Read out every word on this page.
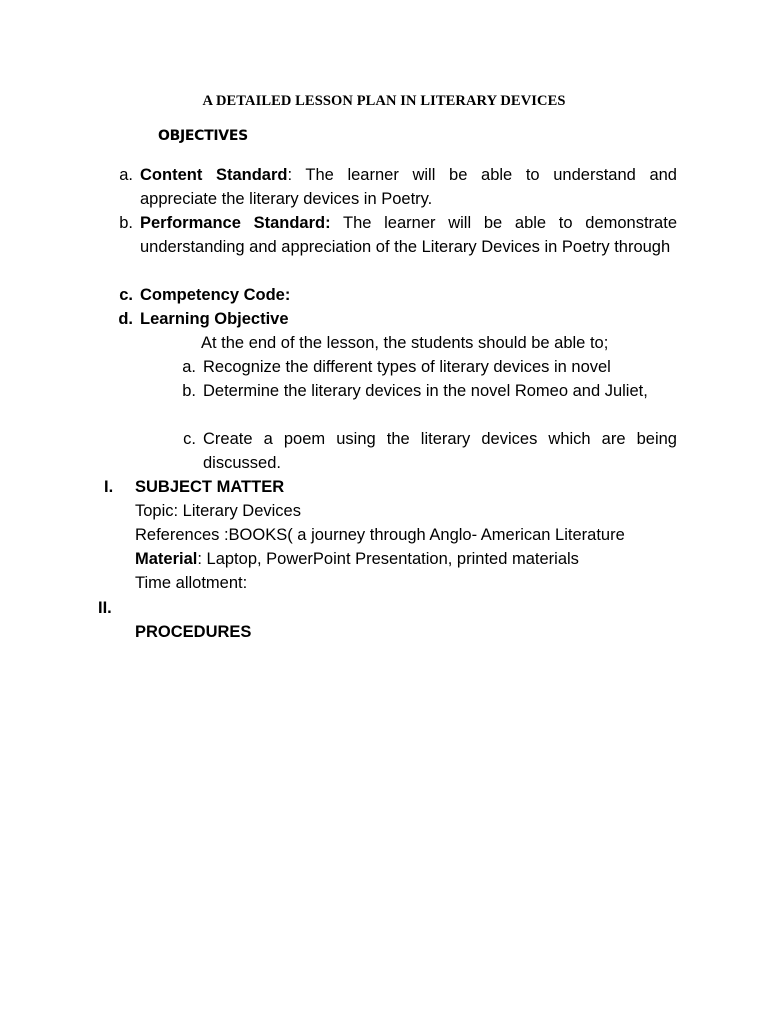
A DETAILED LESSON PLAN IN LITERARY DEVICES
OBJECTIVES
a. Content Standard: The learner will be able to understand and appreciate the literary devices in Poetry.
b. Performance Standard: The learner will be able to demonstrate understanding and appreciation of the Literary Devices in Poetry through
c. Competency Code:
d. Learning Objective
At the end of the lesson, the students should be able to;
a. Recognize the different types of literary devices in novel
b. Determine the literary devices in the novel Romeo and Juliet,
c. Create a poem using the literary devices which are being discussed.
I. SUBJECT MATTER
Topic: Literary Devices
References :BOOKS( a journey through Anglo- American Literature
Material: Laptop, PowerPoint Presentation, printed materials
Time allotment:
II.
PROCEDURES
